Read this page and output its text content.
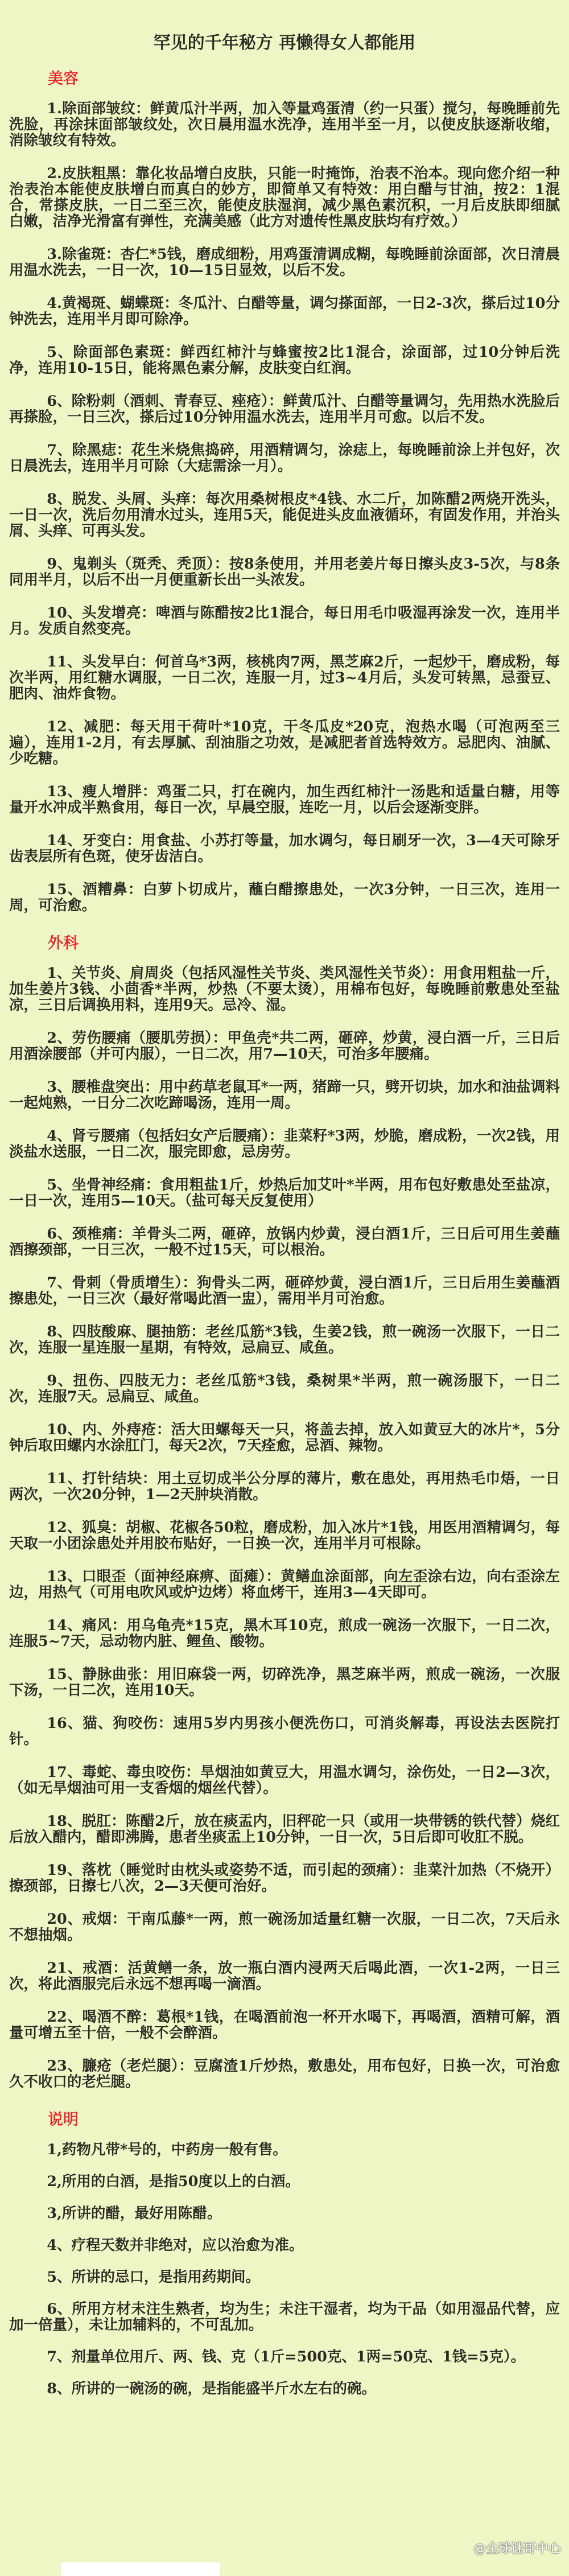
罕见的千年秘方 再懒得女人都能用
美容

1.除面部皱纹：鲜黄瓜汁半两，加入等量鸡蛋清（约一只蛋）搅匀，每晚睡前先洗脸，再涂抹面部皱纹处，次日晨用温水洗净，连用半至一月，以使皮肤逐渐收缩，消除皱纹有特效。

2.皮肤粗黑：靠化妆品增白皮肤，只能一时掩饰，治表不治本。现向您介绍一种治表治本能使皮肤增白而真白的妙方，即简单又有特效：用白醋与甘油，按2：1混合，常搽皮肤，一日二至三次，能使皮肤湿润，减少黑色素沉积，一月后皮肤即细腻白嫩，洁净光滑富有弹性，充满美感（此方对遗传性黑皮肤均有疗效。）

3.除雀斑：杏仁*5钱，磨成细粉，用鸡蛋清调成糊，每晚睡前涂面部，次日清晨用温水洗去，一日一次，10—15日显效，以后不发。

4.黄褐斑、蝴蝶斑：冬瓜汁、白醋等量，调匀搽面部，一日2-3次，搽后过10分钟洗去，连用半月即可除净。

5、除面部色素斑：鲜西红柿汁与蜂蜜按2比1混合，涂面部，过10分钟后洗净，连用10-15日，能将黑色素分解，皮肤变白红润。

6、除粉刺（酒刺、青春豆、痤疮）：鲜黄瓜汁、白醋等量调匀，先用热水洗脸后再搽脸，一日三次，搽后过10分钟用温水洗去，连用半月可愈。以后不发。

7、除黑痣：花生米烧焦捣碎，用酒精调匀，涂痣上，每晚睡前涂上并包好，次日晨洗去，连用半月可除（大痣需涂一月）。

8、脱发、头屑、头痒：每次用桑树根皮*4钱、水二斤，加陈醋2两烧开洗头，一日一次，洗后勿用清水过头，连用5天，能促进头皮血液循环，有固发作用，并治头屑、头痒、可再头发。

9、鬼剃头（斑秃、秃顶）：按8条使用，并用老姜片每日擦头皮3-5次，与8条同用半月，以后不出一月便重新长出一头浓发。

10、头发增亮：啤酒与陈醋按2比1混合，每日用毛巾吸湿再涂发一次，连用半月。发质自然变亮。

11、头发早白：何首乌*3两，核桃肉7两，黑芝麻2斤，一起炒干，磨成粉，每次半两，用红糖水调服，一日二次，连服一月，过3~4月后，头发可转黑，忌蚕豆、肥肉、油炸食物。

12、减肥：每天用干荷叶*10克，干冬瓜皮*20克，泡热水喝（可泡两至三遍），连用1-2月，有去厚腻、刮油脂之功效，是减肥者首选特效方。忌肥肉、油腻、少吃糖。

13、瘦人增胖：鸡蛋二只，打在碗内，加生西红柿汁一汤匙和适量白糖，用等量开水冲成半熟食用，每日一次，早晨空服，连吃一月，以后会逐渐变胖。

14、牙变白：用食盐、小苏打等量，加水调匀，每日刷牙一次，3—4天可除牙齿表层所有色斑，使牙齿洁白。

15、酒糟鼻：白萝卜切成片，蘸白醋擦患处，一次3分钟，一日三次，连用一周，可治愈。

外科

1、关节炎、肩周炎（包括风湿性关节炎、类风湿性关节炎）：用食用粗盐一斤，加生姜片3钱、小茴香*半两，炒热（不要太烫），用棉布包好，每晚睡前敷患处至盐凉，三日后调换用料，连用9天。忌冷、湿。

2、劳伤腰痛（腰肌劳损）：甲鱼壳*共二两，砸碎，炒黄，浸白酒一斤，三日后用酒涂腰部（并可内服），一日二次，用7—10天，可治多年腰痛。

3、腰椎盘突出：用中药草老鼠耳*一两，猪蹄一只，劈开切块，加水和油盐调料一起炖熟，一日分二次吃蹄喝汤，连用一周。

4、肾亏腰痛（包括妇女产后腰痛）：韭菜籽*3两，炒脆，磨成粉，一次2钱，用淡盐水送服，一日二次，服完即愈，忌房劳。

5、坐骨神经痛：食用粗盐1斤，炒热后加艾叶*半两，用布包好敷患处至盐凉，一日一次，连用5—10天。（盐可每天反复使用）

6、颈椎痛：羊骨头二两，砸碎，放锅内炒黄，浸白酒1斤，三日后可用生姜蘸酒擦颈部，一日三次，一般不过15天，可以根治。

7、骨刺（骨质增生）：狗骨头二两，砸碎炒黄，浸白酒1斤，三日后用生姜蘸酒擦患处，一日三次（最好常喝此酒一盅），需用半月可治愈。

8、四肢酸麻、腿抽筋：老丝瓜筋*3钱，生姜2钱，煎一碗汤一次服下，一日二次，连服一星连服一星期，有特效，忌扁豆、咸鱼。

9、扭伤、四肢无力：老丝瓜筋*3钱，桑树果*半两，煎一碗汤服下，一日二次，连服7天。忌扁豆、咸鱼。

10、内、外痔疮：活大田螺每天一只，将盖去掉，放入如黄豆大的冰片*，5分钟后取田螺内水涂肛门，每天2次，7天痊愈，忌酒、辣物。

11、打针结块：用土豆切成半公分厚的薄片，敷在患处，再用热毛巾焐，一日两次，一次20分钟，1—2天肿块消散。

12、狐臭：胡椒、花椒各50粒，磨成粉，加入冰片*1钱，用医用酒精调匀，每天取一小团涂患处并用胶布贴好，一日换一次，连用半月可根除。

13、口眼歪（面神经麻痹、面瘫）：黄鳝血涂面部，向左歪涂右边，向右歪涂左边，用热气（可用电吹风或炉边烤）将血烤干，连用3—4天即可。

14、痛风：用乌龟壳*15克，黑木耳10克，煎成一碗汤一次服下，一日二次，连服5~7天，忌动物内脏、鲤鱼、酸物。

15、静脉曲张：用旧麻袋一两，切碎洗净，黑芝麻半两，煎成一碗汤，一次服下汤，一日二次，连用10天。

16、猫、狗咬伤：速用5岁内男孩小便洗伤口，可消炎解毒，再设法去医院打针。

17、毒蛇、毒虫咬伤：旱烟油如黄豆大，用温水调匀，涂伤处，一日2—3次，（如无旱烟油可用一支香烟的烟丝代替）。

18、脱肛：陈醋2斤，放在痰盂内，旧秤砣一只（或用一块带锈的铁代替）烧红后放入醋内，醋即沸腾，患者坐痰盂上10分钟，一日一次，5日后即可收肛不脱。

19、落枕（睡觉时由枕头或姿势不适，而引起的颈痛）：韭菜汁加热（不烧开）擦颈部，日擦七八次，2—3天便可治好。

20、戒烟：干南瓜藤*一两，煎一碗汤加适量红糖一次服，一日二次，7天后永不想抽烟。

21、戒酒：活黄鳝一条，放一瓶白酒内浸两天后喝此酒，一次1-2两，一日三次，将此酒服完后永远不想再喝一滴酒。

22、喝酒不醉：葛根*1钱，在喝酒前泡一杯开水喝下，再喝酒，酒精可解，酒量可增五至十倍，一般不会醉酒。

23、臁疮（老烂腿）：豆腐渣1斤炒热，敷患处，用布包好，日换一次，可治愈久不收口的老烂腿。

说明

1,药物凡带*号的，中药房一般有售。

2,所用的白酒，是指50度以上的白酒。

3,所讲的醋，最好用陈醋。

4、疗程天数并非绝对，应以治愈为准。

5、所讲的忌口，是指用药期间。

6、所用方材未注生熟者，均为生；未注干湿者，均为干品（如用湿品代替，应加一倍量），未让加辅料的，不可乱加。

7、剂量单位用斤、两、钱、克（1斤=500克、1两=50克、1钱=5克）。

8、所讲的一碗汤的碗，是指能盛半斤水左右的碗。

@全球谜哥中心
